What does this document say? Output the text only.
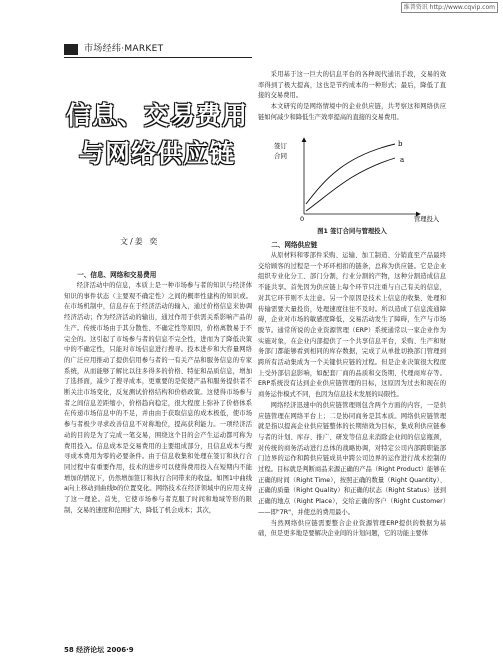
维普资讯 http://www.cqvip.com
市场经纬·MARKET
信息、交易费用
与网络供应链
文/姜 奕
一、信息、网络和交易费用

经济活动中的信息，本质上是一种市场参与者的知识与经济体知识的事件状态（主要观不确定性）之间的概率性建构的知识或。在市场机制中，信息存在于经济活动的输入，通过价格信息来协调经济活动；作为经济活动的输出，通过作用于供需关系影响产品的生产。传统市场由于其分散性、不确定性等原因，价格离散易于不完全的。这引起了市场参与者的信息不完全性，进而为了降低决策中的不确定性，只能对市场信息进行搜寻。投本进步和大容量网络的广泛应用推动了提供信用参与者的一有关产品和服务信息的专家系统，从而能够了解比以往多得多的价格、特征和品质信息，增加了选择面，减少了搜寻成本，更重要的是促使产品和服务提供者不断关注市场变化，反复测试价格结构和价格政策。这使得市场参与者之间信息差距缩小，价格趋向稳定，很大程度上弥补了价格体系在传递市场信息中的不足，并由由于获取信息的成本极低，使市场参与者极少寻求改善信息不对称地位，提高获利能力。一项经济活动的目的是为了完成一笔交易，围绕这个目的会产生运动都可称为费用投入。信息成本是交易费用的主要组成部分，且信息成本与搜寻成本费用为零的必要条件。由于信息收集和处理在签订和执行合同过程中有重要作用，技术的进步可以使得费用投入在短期内不能增加的情况下，仍然增加签订和执行合同带来的收益。如图1中曲线a向上移动到曲线b的位置变化。网络技术在经济领域中的应用支持了这一理论。首先，它使市场参与者克服了时间和地域等形的限制，交易的速度和范围扩大，降低了机会成本；其次，

采用基于这一巨大的信息平台的各种现代通讯手段，交易的效率得到了极大提高，这也是节约成本的一种形式；最后，降低了直接的交易费用。

本文研究的是网络情境中的企业供应链，共考察这和网络供应链如何减少和降低生产效率提高的直接的交易费用。

签订
合同	a
b
0	管理投入
图1 签订合同与管理投入
二、网络供应链

从原材料和零部件采购、运输、加工制造、分销直至产品最终交给顾客的过程是一个环环相扣的链条，总称为供应链。它是企业组织专业化分工、部门分割，行业分割的产物，这种分割造成信息不能共享。首先因为供应链上每个环节只注重与自己有关的信息，对其它环节则不太注意。另一个原因是技术上信息的收集、处理和传输需要大量投资，处理速度往往不及时。所以造成了信息流通障碍，企业对市场的敏感度降低，交易活动发生了障碍，生产与市场脱节。通常所说的企业资源管理（ERP）系统通常以一家企业作为实施对象，在企业内部提供了一个共享信息平台，采购、生产和财务部门都能够看到相同的库存数据，完成了从单批切换部门管理到跨所有活动集成为一个关键供应链的过程。但是企业决策很大程度上受外部信息影响，如配套厂商的品质和交货期、代理商库存等。ERP系统没有达到企业供应链管理的目标，这原因为过去和现在的商务运作模式不同，也因为信息技术发展的局限性。

网络经济迅速中的供应链管理则包含两个方面的内容，一是供应链管理在网络平台上；二是协同商务是其本质。网络供应链管理就是指以提高企业供应链整体的长期绩效为目标，集成利供应链参与者的计划、库存、推广、研发等信息来消除企业间的信息瓶颈，对传统的商务活动进行总体的战略协调，对特定公司内部跨职能部门边界的运作和跨供应链成员中跨公司边界的运作进行战术控制的过程。目标就是判断商品来源正确的产品（Right Product）能够在正确的时间（Right Time），按照正确的数量（Right Quantity）、正确的质量（Right Quality）和正确的状态（Right Status）送到正确的地点（Right Place），交给正确的客户（Right Customer）——即"7R"，并使总的费用最小。

当然网络供应链需要整合企业资源管理ERP提供的数据为基础，但是更多地是要解决企业间的计划问题，它的功能主要体

58 经济论坛 2006·9
